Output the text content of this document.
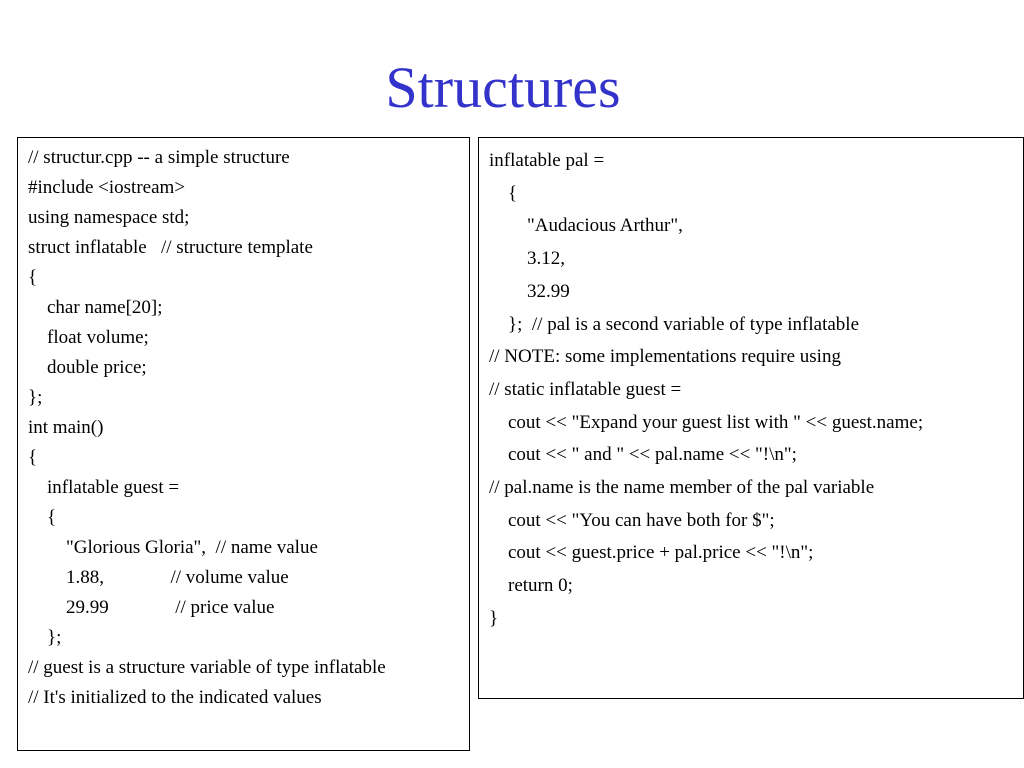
Structures
// structur.cpp -- a simple structure
#include <iostream>
using namespace std;
struct inflatable   // structure template
{
char name[20];
float volume;
double price;
};
int main()
{
inflatable guest =
{
"Glorious Gloria",  // name value
1.88,              // volume value
29.99              // price value
};
// guest is a structure variable of type inflatable
// It's initialized to the indicated values
inflatable pal =
{
"Audacious Arthur",
3.12,
32.99
};  // pal is a second variable of type inflatable
// NOTE: some implementations require using
// static inflatable guest =
cout << "Expand your guest list with " << guest.name;
cout << " and " << pal.name << "!\n";
// pal.name is the name member of the pal variable
cout << "You can have both for $";
cout << guest.price + pal.price << "!\n";
return 0;
}
